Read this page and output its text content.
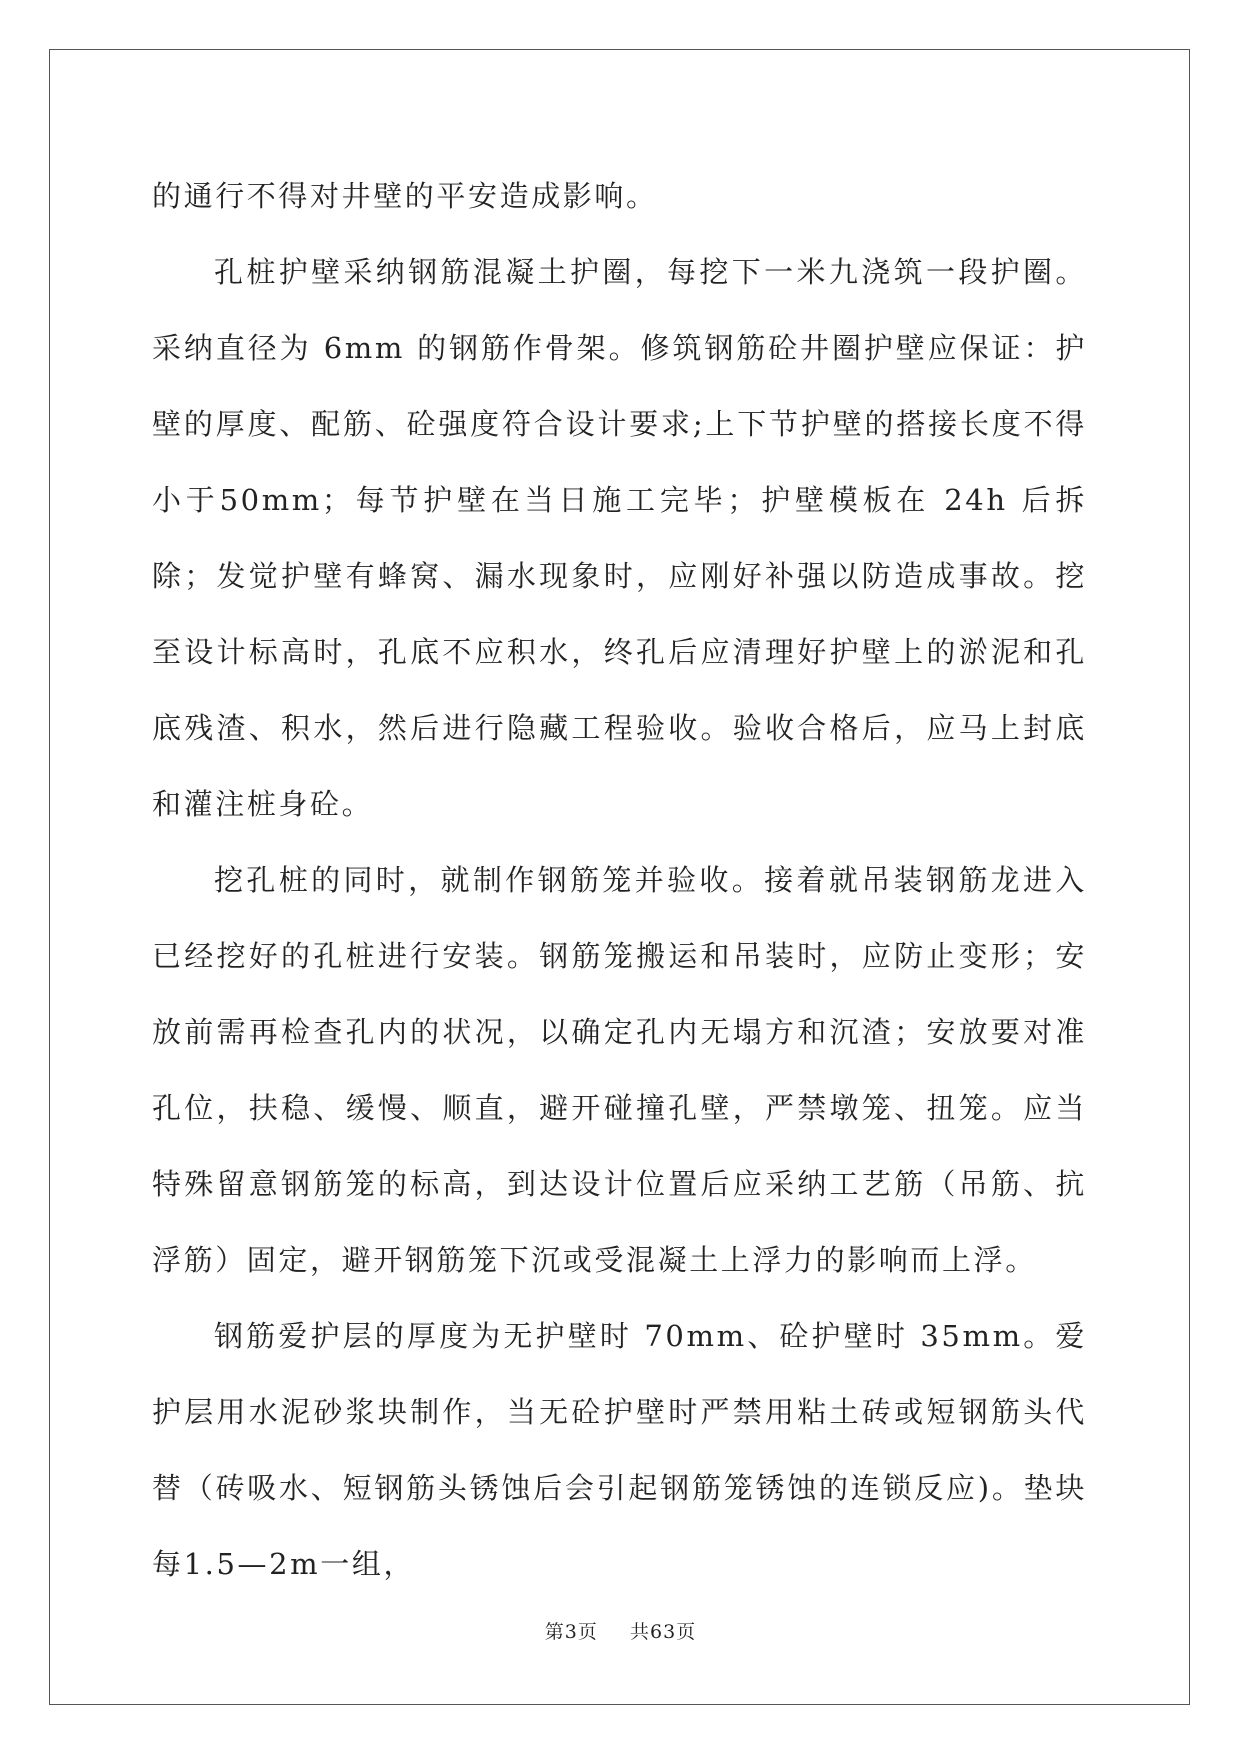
的通行不得对井壁的平安造成影响。

孔桩护壁采纳钢筋混凝土护圈，每挖下一米九浇筑一段护圈。采纳直径为 6mm 的钢筋作骨架。修筑钢筋砼井圈护壁应保证：护壁的厚度、配筋、砼强度符合设计要求;上下节护壁的搭接长度不得小于50mm；每节护壁在当日施工完毕；护壁模板在 24h 后拆除；发觉护壁有蜂窝、漏水现象时，应刚好补强以防造成事故。挖至设计标高时，孔底不应积水，终孔后应清理好护壁上的淤泥和孔底残渣、积水，然后进行隐藏工程验收。验收合格后，应马上封底和灌注桩身砼。

挖孔桩的同时，就制作钢筋笼并验收。接着就吊装钢筋龙进入已经挖好的孔桩进行安装。钢筋笼搬运和吊装时，应防止变形；安放前需再检查孔内的状况，以确定孔内无塌方和沉渣；安放要对准孔位，扶稳、缓慢、顺直，避开碰撞孔壁，严禁墩笼、扭笼。应当特殊留意钢筋笼的标高，到达设计位置后应采纳工艺筋（吊筋、抗浮筋）固定，避开钢筋笼下沉或受混凝土上浮力的影响而上浮。

钢筋爱护层的厚度为无护壁时 70mm、砼护壁时 35mm。爱护层用水泥砂浆块制作，当无砼护壁时严禁用粘土砖或短钢筋头代替（砖吸水、短钢筋头锈蚀后会引起钢筋笼锈蚀的连锁反应)。垫块每1.5—2m一组，

第3页 共63页
